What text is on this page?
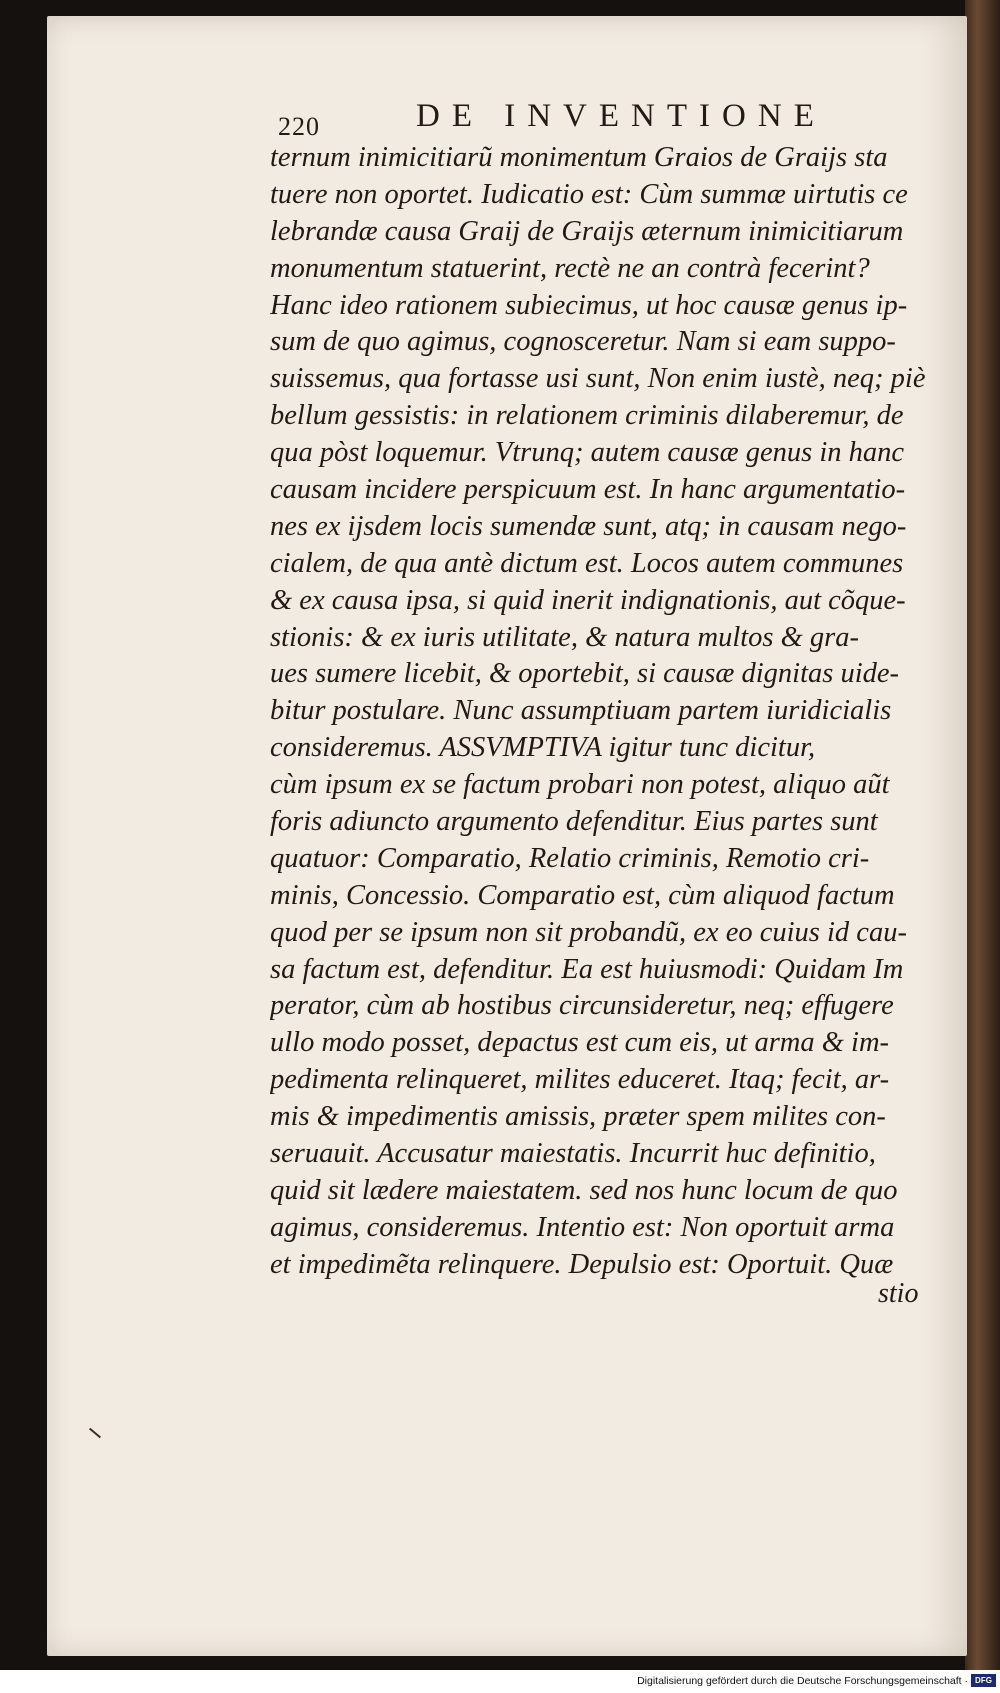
220	DE INVENTIONE
ternum inimicitiarũ monimentum Graios de Graijs sta
tuere non oportet. Iudicatio est: Cùm summæ uirtutis ce
lebrandæ causa Graij de Graijs æternum inimicitiarum
monumentum statuerint, rectè ne an contrà fecerint?
Hanc ideo rationem subiecimus, ut hoc causæ genus ip-
sum de quo agimus, cognosceretur. Nam si eam suppo-
suissemus, qua fortasse usi sunt, Non enim iustè, neq; piè
bellum gessistis: in relationem criminis dilaberemur, de
qua pòst loquemur. Vtrunq; autem causæ genus in hanc
causam incidere perspicuum est. In hanc argumentatio-
nes ex ijsdem locis sumendæ sunt, atq; in causam nego-
cialem, de qua antè dictum est. Locos autem communes
& ex causa ipsa, si quid inerit indignationis, aut cõque-
stionis: & ex iuris utilitate, & natura multos & gra-
ues sumere licebit, & oportebit, si causæ dignitas uide-
bitur postulare. Nunc assumptiuam partem iuridicialis
consideremus. ASSVMPTIVA igitur tunc dicitur,
cùm ipsum ex se factum probari non potest, aliquo aũt
foris adiuncto argumento defenditur. Eius partes sunt
quatuor: Comparatio, Relatio criminis, Remotio cri-
minis, Concessio. Comparatio est, cùm aliquod factum
quod per se ipsum non sit probandũ, ex eo cuius id cau-
sa factum est, defenditur. Ea est huiusmodi: Quidam Im
perator, cùm ab hostibus circunsideretur, neq; effugere
ullo modo posset, depactus est cum eis, ut arma & im-
pedimenta relinqueret, milites educeret. Itaq; fecit, ar-
mis & impedimentis amissis, præter spem milites con-
seruauit. Accusatur maiestatis. Incurrit huc definitio,
quid sit lædere maiestatem. sed nos hunc locum de quo
agimus, consideremus. Intentio est: Non oportuit arma
et impedimẽta relinquere. Depulsio est: Oportuit. Quæ
stio
Digitalisierung gefördert durch die Deutsche Forschungsgemeinschaft · DFG
